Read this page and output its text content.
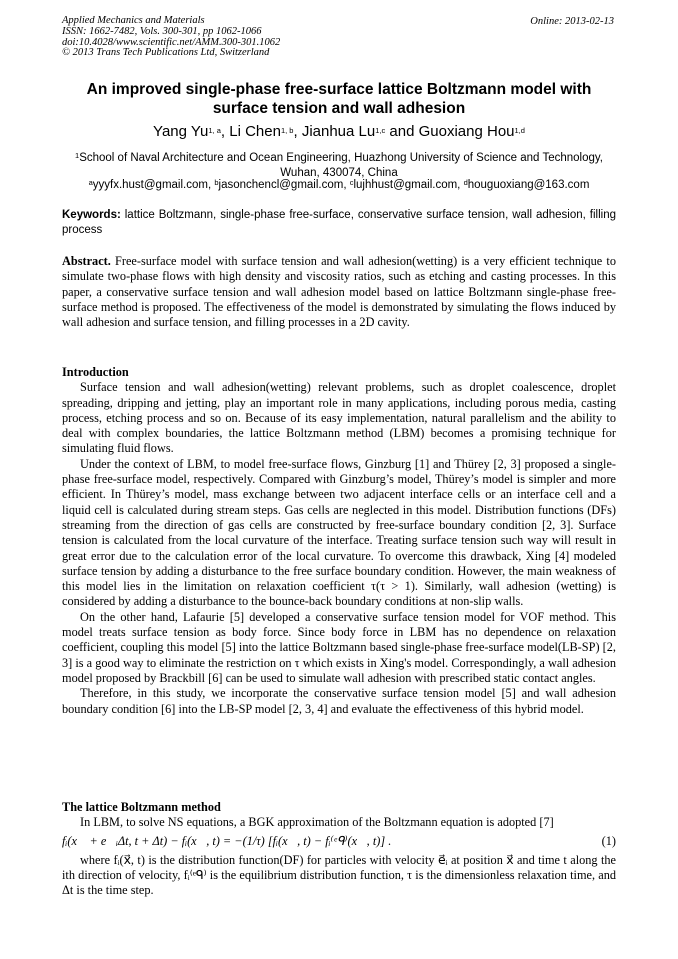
Applied Mechanics and Materials
ISSN: 1662-7482, Vols. 300-301, pp 1062-1066
doi:10.4028/www.scientific.net/AMM.300-301.1062
© 2013 Trans Tech Publications Ltd, Switzerland
Online: 2013-02-13
An improved single-phase free-surface lattice Boltzmann model with surface tension and wall adhesion
Yang Yu$^{1, a}$, Li Chen$^{1, b}$, Jianhua Lu$^{1,c}$ and Guoxiang Hou$^{1,d}$
$^1$School of Naval Architecture and Ocean Engineering, Huazhong University of Science and Technology, Wuhan, 430074, China
$^a$yyyfx.hust@gmail.com, $^b$jasonchencl@gmail.com, $^c$lujhhust@gmail.com, $^d$houguoxiang@163.com
Keywords: lattice Boltzmann, single-phase free-surface, conservative surface tension, wall adhesion, filling process

Abstract. Free-surface model with surface tension and wall adhesion(wetting) is a very efficient technique to simulate two-phase flows with high density and viscosity ratios, such as etching and casting processes. In this paper, a conservative surface tension and wall adhesion model based on lattice Boltzmann single-phase free-surface method is proposed. The effectiveness of the model is demonstrated by simulating the flows induced by wall adhesion and surface tension, and filling processes in a 2D cavity.

Introduction

Surface tension and wall adhesion(wetting) relevant problems, such as droplet coalescence, droplet spreading, dripping and jetting, play an important role in many applications, including porous media, casting process, etching process and so on. Because of its easy implementation, natural parallelism and the ability to deal with complex boundaries, the lattice Boltzmann method (LBM) becomes a promising technique for simulating fluid flows.

Under the context of LBM, to model free-surface flows, Ginzburg [1] and Thürey [2, 3] proposed a single-phase free-surface model, respectively. Compared with Ginzburg’s model, Thürey’s model is simpler and more efficient. In Thürey’s model, mass exchange between two adjacent interface cells or an interface cell and a liquid cell is calculated during stream steps. Gas cells are neglected in this model. Distribution functions (DFs) streaming from the direction of gas cells are constructed by free-surface boundary condition [2, 3]. Surface tension is calculated from the local curvature of the interface. Treating surface tension such way will result in great error due to the calculation error of the local curvature. To overcome this drawback, Xing [4] modeled surface tension by adding a disturbance to the free surface boundary condition. However, the main weakness of this model lies in the limitation on relaxation coefficient τ(τ > 1). Similarly, wall adhesion (wetting) is considered by adding a disturbance to the bounce-back boundary conditions at non-slip walls.

On the other hand, Lafaurie [5] developed a conservative surface tension model for VOF method. This model treats surface tension as body force. Since body force in LBM has no dependence on relaxation coefficient, coupling this model [5] into the lattice Boltzmann based single-phase free-surface model(LB-SP) [2, 3] is a good way to eliminate the restriction on τ which exists in Xing's model. Correspondingly, a wall adhesion model proposed by Brackbill [6] can be used to simulate wall adhesion with prescribed static contact angles.

Therefore, in this study, we incorporate the conservative surface tension model [5] and wall adhesion boundary condition [6] into the LB-SP model [2, 3, 4] and evaluate the effectiveness of this hybrid model.

The lattice Boltzmann method

In LBM, to solve NS equations, a BGK approximation of the Boltzmann equation is adopted [7]

fᵢ(x⃗ + e⃗ᵢΔt, t + Δt) − fᵢ(x⃗, t) = −(1/τ) [fᵢ(x⃗, t) − fᵢ⁽ᵉᑫ⁾(x⃗, t)] .	(1)

where fᵢ(x⃗, t) is the distribution function(DF) for particles with velocity e⃗ᵢ at position x⃗ and time t along the ith direction of velocity, fᵢ⁽ᵉᑫ⁾ is the equilibrium distribution function, τ is the dimensionless relaxation time, and Δt is the time step.
